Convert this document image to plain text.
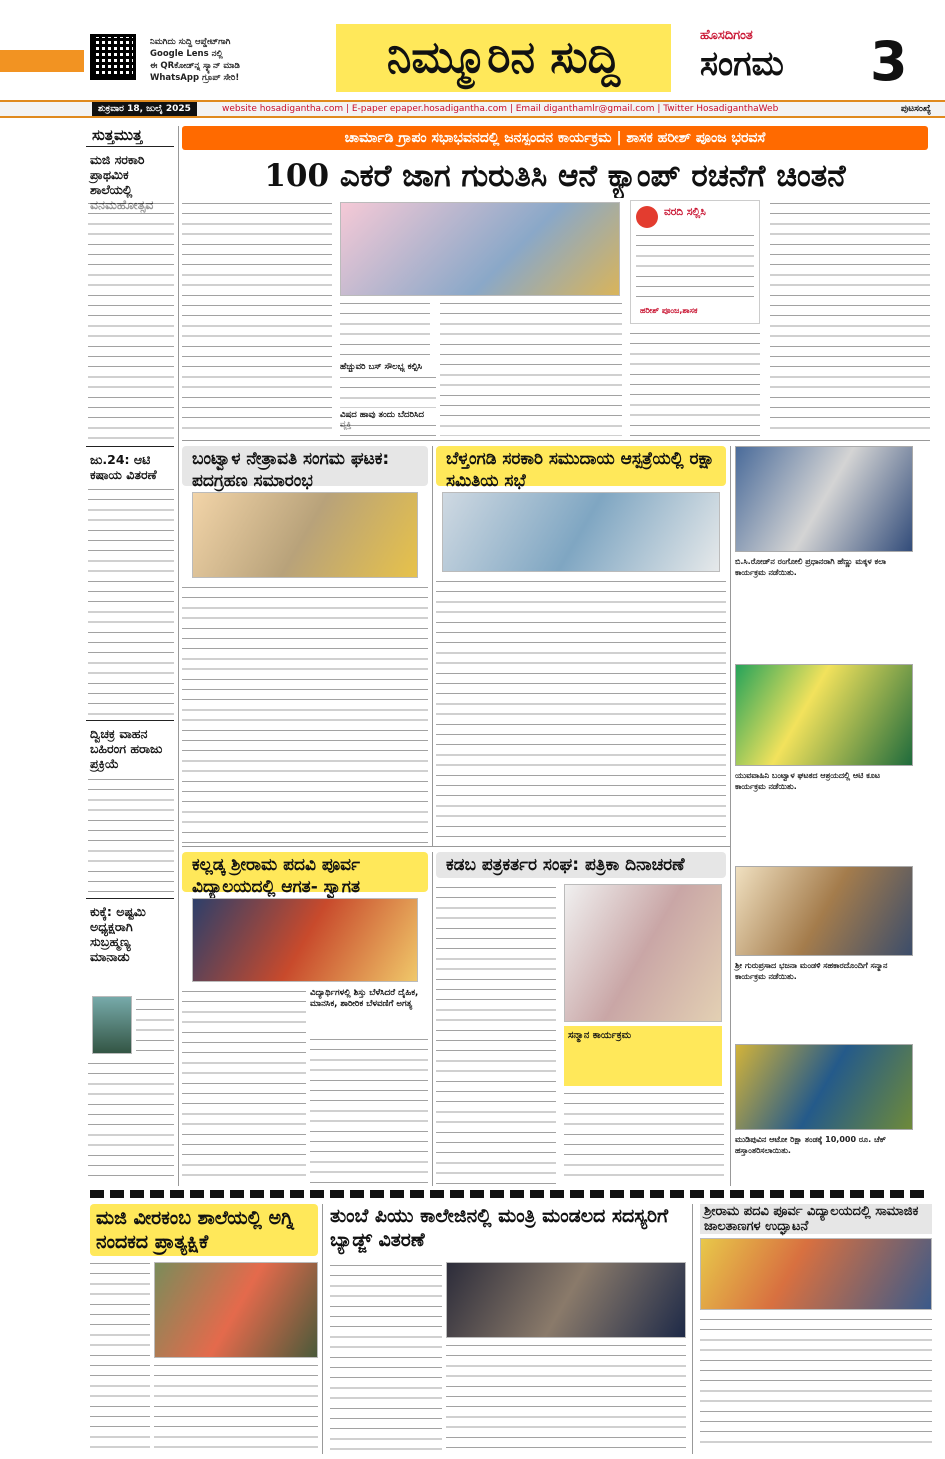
ನಿಮಗಿದು ಸುದ್ದಿ ಆಪ್ಡೇಟ್‌ಗಾಗಿ
Google Lens ನಲ್ಲಿ
ಈ QRಕೋಡ್‌ನ್ನ ಸ್ಕ್ಯಾನ್ ಮಾಡಿ
WhatsApp ಗ್ರೂಪ್ ಸೇರಿ!	ನಿಮ್ಮೂರಿನ ಸುದ್ದಿ	ಹೊಸದಿಗಂತ
ಸಂಗಮ 3
ಶುಕ್ರವಾರ 18, ಜುಲೈ 2025	website hosadigantha.com | E-paper epaper.hosadigantha.com | Email diganthamlr@gmail.com | Twitter HosadiganthaWeb	ಪುಟಸಂಖ್ಯೆ
ಸುತ್ತಮುತ್ತ
ಮಜಿ ಸರಕಾರಿ ಪ್ರಾಥಮಿಕ ಶಾಲೆಯಲ್ಲಿ
ಜು.24: ಆಟಿ ಕಷಾಯ ವಿತರಣೆ
ದ್ವಿಚಕ್ರ ವಾಹನ ಬಹಿರಂಗ ಹರಾಜು ಪ್ರಕ್ರಿಯೆ
ಕುಕ್ಕೆ: ಅಷ್ಟಮಿ ಅಧ್ಯಕ್ಷರಾಗಿ ಸುಬ್ರಹ್ಮಣ್ಯ ಮಾನಾಡು
ಚಾರ್ಮಾಡಿ ಗ್ರಾಪಂ ಸಭಾಭವನದಲ್ಲಿ ಜನಸ್ಪಂದನ ಕಾರ್ಯಕ್ರಮ | ಶಾಸಕ ಹರೀಶ್ ಪೂಂಜ ಭರವಸೆ
100 ಎಕರೆ ಜಾಗ ಗುರುತಿಸಿ ಆನೆ ಕ್ಯಾಂಪ್ ರಚನೆಗೆ ಚಿಂತನೆ
ಹೆಚ್ಚುವರಿ ಬಸ್ ಸೌಲಭ್ಯ ಕಲ್ಪಿಸಿ
ವಿಷದ ಹಾವು ತಂದು ಬೆದರಿಸಿದ
ವರದಿ ಸಲ್ಲಿಸಿ
ಹರೀಶ್ ಪೂಂಜ,ಶಾಸಕ
ಬಂಟ್ವಾಳ ನೇತ್ರಾವತಿ ಸಂಗಮ ಘಟಕ: ಪದಗ್ರಹಣ ಸಮಾರಂಭ
ಬೆಳ್ತಂಗಡಿ ಸರಕಾರಿ ಸಮುದಾಯ ಆಸ್ಪತ್ರೆಯಲ್ಲಿ ರಕ್ಷಾ ಸಮಿತಿಯ ಸಭೆ
ಕಲ್ಲಡ್ಕ ಶ್ರೀರಾಮ ಪದವಿ ಪೂರ್ವ ವಿದ್ಯಾಲಯದಲ್ಲಿ ಆಗತ- ಸ್ವಾಗತ
ವಿದ್ಯಾರ್ಥಿಗಳಲ್ಲಿ ಶಿಸ್ತು ಬೆಳೆಸಿದರೆ ದೈಹಿಕ, ಮಾನಸಿಕ, ಶಾರೀರಿಕ ಬೆಳವಣಿಗೆ ಅಗತ್ಯ
ಕಡಬ ಪತ್ರಕರ್ತರ ಸಂಘ: ಪತ್ರಿಕಾ ದಿನಾಚರಣೆ
ಸನ್ಮಾನ ಕಾರ್ಯಕ್ರಮ
ಬಿ.ಸಿ.ರೋಡ್‌ನ ರಂಗೋಲಿ ಪ್ರಧಾನರಾಗಿ ಹೆಣ್ಣು ಮಕ್ಕಳ ಕಲಾ ಕಾರ್ಯಕ್ರಮ ನಡೆಯಿತು.
ಯುವವಾಹಿನಿ ಬಂಟ್ವಾಳ ಘಟಕದ ಆಶ್ರಯದಲ್ಲಿ ಆಟಿ ಕೂಟ ಕಾರ್ಯಕ್ರಮ ನಡೆಯಿತು.
ಶ್ರೀ ಗುರುಪ್ರಸಾದ ಭಜನಾ ಮಂಡಳಿ ಸಹಕಾರದೊಂದಿಗೆ ಸನ್ಮಾನ ಕಾರ್ಯಕ್ರಮ ನಡೆಯಿತು.
ಮುಡಿಪುವಿನ ಆಟೋ ರಿಕ್ಷಾ ತಂಡಕ್ಕೆ 10,000 ರೂ. ಚೆಕ್ ಹಸ್ತಾಂತರಿಸಲಾಯಿತು.
ಮಜಿ ವೀರಕಂಬ ಶಾಲೆಯಲ್ಲಿ ಅಗ್ನಿ ನಂದಕದ ಪ್ರಾತ್ಯಕ್ಷಿಕೆ
ತುಂಬೆ ಪಿಯು ಕಾಲೇಜಿನಲ್ಲಿ ಮಂತ್ರಿ ಮಂಡಲದ ಸದಸ್ಯರಿಗೆ ಬ್ಯಾಡ್ಜ್ ವಿತರಣೆ
ಶ್ರೀರಾಮ ಪದವಿ ಪೂರ್ವ ವಿದ್ಯಾಲಯದಲ್ಲಿ ಸಾಮಾಜಿಕ ಜಾಲತಾಣಗಳ ಉದ್ಘಾಟನೆ
